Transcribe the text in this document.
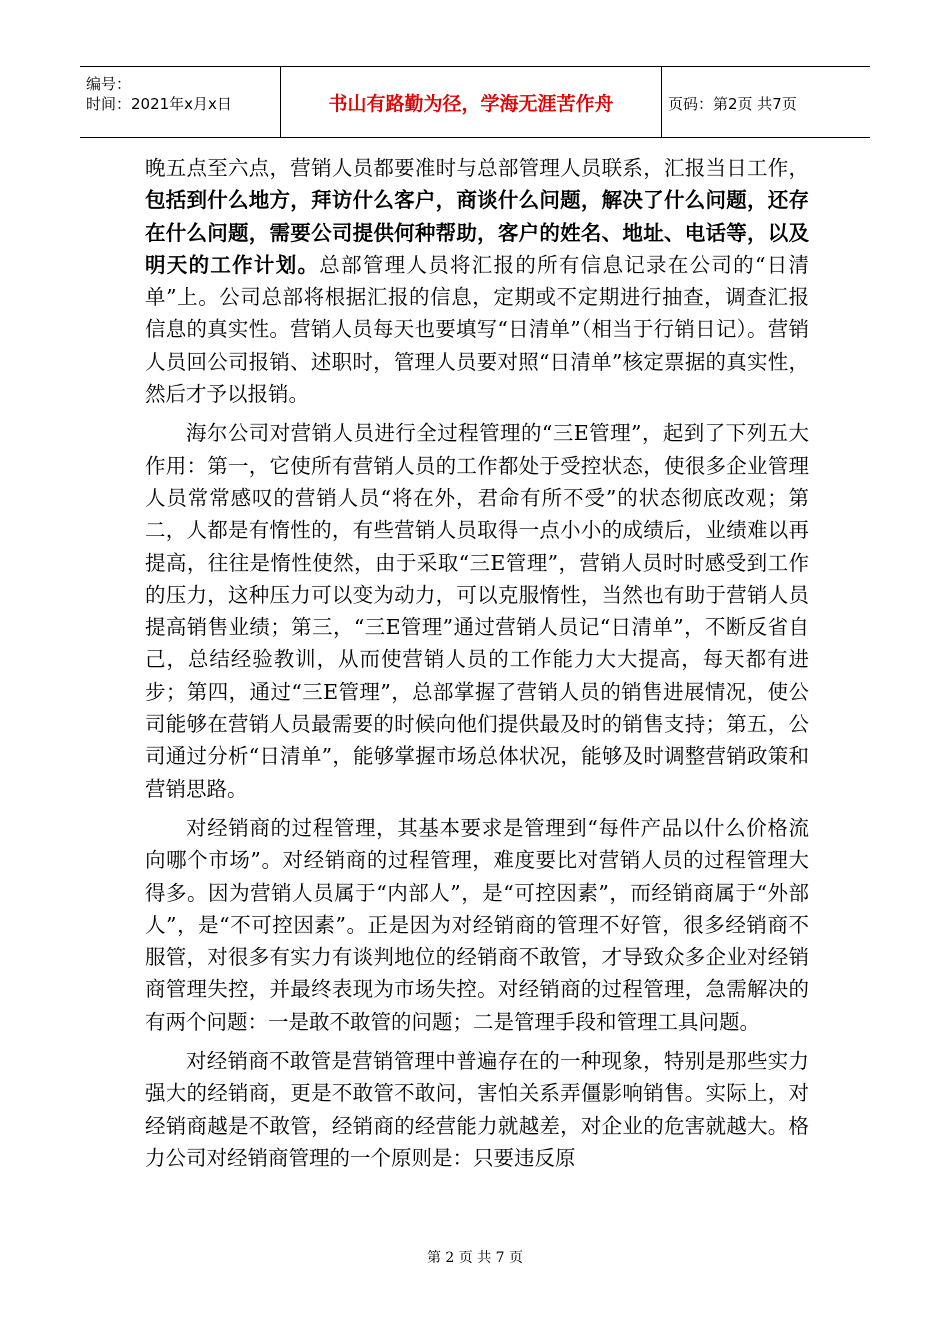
编号：
时间：2021年x月x日	书山有路勤为径，学海无涯苦作舟	页码：第2页 共7页

晚五点至六点，营销人员都要准时与总部管理人员联系，汇报当日工作，包括到什么地方，拜访什么客户，商谈什么问题，解决了什么问题，还存在什么问题，需要公司提供何种帮助，客户的姓名、地址、电话等，以及明天的工作计划。总部管理人员将汇报的所有信息记录在公司的“日清单”上。公司总部将根据汇报的信息，定期或不定期进行抽查，调查汇报信息的真实性。营销人员每天也要填写“日清单”（相当于行销日记）。营销人员回公司报销、述职时，管理人员要对照“日清单”核定票据的真实性，然后才予以报销。

海尔公司对营销人员进行全过程管理的“三E管理”，起到了下列五大作用：第一，它使所有营销人员的工作都处于受控状态，使很多企业管理人员常常感叹的营销人员“将在外，君命有所不受”的状态彻底改观；第二，人都是有惰性的，有些营销人员取得一点小小的成绩后，业绩难以再提高，往往是惰性使然，由于采取“三E管理”，营销人员时时感受到工作的压力，这种压力可以变为动力，可以克服惰性，当然也有助于营销人员提高销售业绩；第三，“三E管理”通过营销人员记“日清单”，不断反省自己，总结经验教训，从而使营销人员的工作能力大大提高，每天都有进步；第四，通过“三E管理”，总部掌握了营销人员的销售进展情况，使公司能够在营销人员最需要的时候向他们提供最及时的销售支持；第五，公司通过分析“日清单”，能够掌握市场总体状况，能够及时调整营销政策和营销思路。

对经销商的过程管理，其基本要求是管理到“每件产品以什么价格流向哪个市场”。对经销商的过程管理，难度要比对营销人员的过程管理大得多。因为营销人员属于“内部人”，是“可控因素”，而经销商属于“外部人”，是“不可控因素”。正是因为对经销商的管理不好管，很多经销商不服管，对很多有实力有谈判地位的经销商不敢管，才导致众多企业对经销商管理失控，并最终表现为市场失控。对经销商的过程管理，急需解决的有两个问题：一是敢不敢管的问题；二是管理手段和管理工具问题。

对经销商不敢管是营销管理中普遍存在的一种现象，特别是那些实力强大的经销商，更是不敢管不敢问，害怕关系弄僵影响销售。实际上，对经销商越是不敢管，经销商的经营能力就越差，对企业的危害就越大。格力公司对经销商管理的一个原则是：只要违反原

第 2 页 共 7 页
